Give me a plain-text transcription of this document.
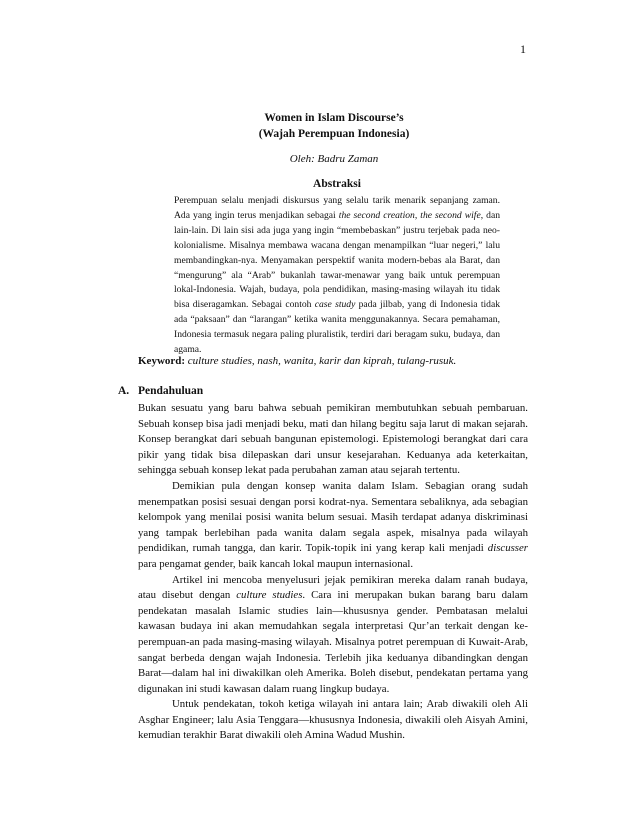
1
Women in Islam Discourse’s
(Wajah Perempuan Indonesia)
Oleh: Badru Zaman
Abstraksi
Perempuan selalu menjadi diskursus yang selalu tarik menarik sepanjang zaman. Ada yang ingin terus menjadikan sebagai the second creation, the second wife, dan lain-lain. Di lain sisi ada juga yang ingin “membebaskan” justru terjebak pada neo-kolonialisme. Misalnya membawa wacana dengan menampilkan “luar negeri,” lalu membandingkan-nya. Menyamakan perspektif wanita modern-bebas ala Barat, dan “mengurung” ala “Arab” bukanlah tawar-menawar yang baik untuk perempuan lokal-Indonesia. Wajah, budaya, pola pendidikan, masing-masing wilayah itu tidak bisa diseragamkan. Sebagai contoh case study pada jilbab, yang di Indonesia tidak ada “paksaan” dan “larangan” ketika wanita menggunakannya. Secara pemahaman, Indonesia termasuk negara paling pluralistik, terdiri dari beragam suku, budaya, dan agama.
Keyword: culture studies, nash, wanita, karir dan kiprah, tulang-rusuk.
A. Pendahuluan

Bukan sesuatu yang baru bahwa sebuah pemikiran membutuhkan sebuah pembaruan. Sebuah konsep bisa jadi menjadi beku, mati dan hilang begitu saja larut di makan sejarah. Konsep berangkat dari sebuah bangunan epistemologi. Epistemologi berangkat dari cara pikir yang tidak bisa dilepaskan dari unsur kesejarahan. Keduanya ada keterkaitan, sehingga sebuah konsep lekat pada perubahan zaman atau sejarah tertentu.

Demikian pula dengan konsep wanita dalam Islam. Sebagian orang sudah menempatkan posisi sesuai dengan porsi kodrat-nya. Sementara sebaliknya, ada sebagian kelompok yang menilai posisi wanita belum sesuai. Masih terdapat adanya diskriminasi yang tampak berlebihan pada wanita dalam segala aspek, misalnya pada wilayah pendidikan, rumah tangga, dan karir. Topik-topik ini yang kerap kali menjadi discusser para pengamat gender, baik kancah lokal maupun internasional.

Artikel ini mencoba menyelusuri jejak pemikiran mereka dalam ranah budaya, atau disebut dengan culture studies. Cara ini merupakan bukan barang baru dalam pendekatan masalah Islamic studies lain—khususnya gender. Pembatasan melalui kawasan budaya ini akan memudahkan segala interpretasi Qur’an terkait dengan ke-perempuan-an pada masing-masing wilayah. Misalnya potret perempuan di Kuwait-Arab, sangat berbeda dengan wajah Indonesia. Terlebih jika keduanya dibandingkan dengan Barat—dalam hal ini diwakilkan oleh Amerika. Boleh disebut, pendekatan pertama yang digunakan ini studi kawasan dalam ruang lingkup budaya.

Untuk pendekatan, tokoh ketiga wilayah ini antara lain; Arab diwakili oleh Ali Asghar Engineer; lalu Asia Tenggara—khususnya Indonesia, diwakili oleh Aisyah Amini, kemudian terakhir Barat diwakili oleh Amina Wadud Mushin.
